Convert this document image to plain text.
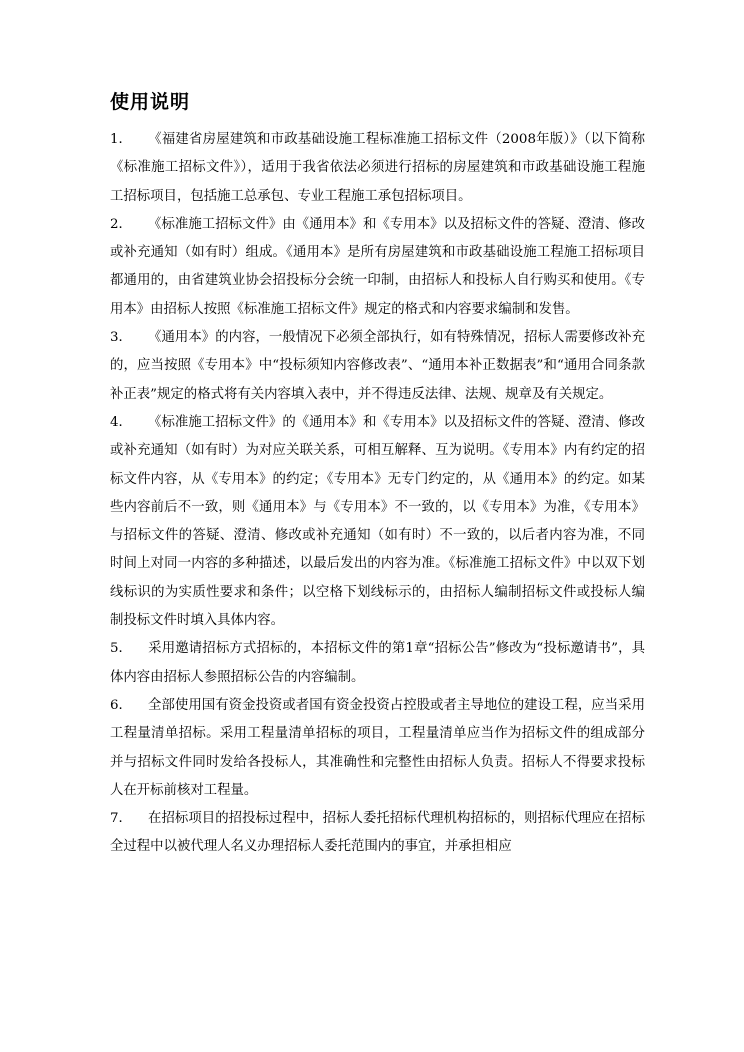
使用说明

1． 《福建省房屋建筑和市政基础设施工程标准施工招标文件（2008年版）》（以下简称《标准施工招标文件》），适用于我省依法必须进行招标的房屋建筑和市政基础设施工程施工招标项目，包括施工总承包、专业工程施工承包招标项目。

2． 《标准施工招标文件》由《通用本》和《专用本》以及招标文件的答疑、澄清、修改或补充通知（如有时）组成。《通用本》是所有房屋建筑和市政基础设施工程施工招标项目都通用的，由省建筑业协会招投标分会统一印制，由招标人和投标人自行购买和使用。《专用本》由招标人按照《标准施工招标文件》规定的格式和内容要求编制和发售。

3． 《通用本》的内容，一般情况下必须全部执行，如有特殊情况，招标人需要修改补充的，应当按照《专用本》中“投标须知内容修改表”、“通用本补正数据表”和“通用合同条款补正表”规定的格式将有关内容填入表中，并不得违反法律、法规、规章及有关规定。

4． 《标准施工招标文件》的《通用本》和《专用本》以及招标文件的答疑、澄清、修改或补充通知（如有时）为对应关联关系，可相互解释、互为说明。《专用本》内有约定的招标文件内容，从《专用本》的约定；《专用本》无专门约定的，从《通用本》的约定。如某些内容前后不一致，则《通用本》与《专用本》不一致的，以《专用本》为准，《专用本》与招标文件的答疑、澄清、修改或补充通知（如有时）不一致的，以后者内容为准，不同时间上对同一内容的多种描述，以最后发出的内容为准。《标准施工招标文件》中以双下划线标识的为实质性要求和条件；以空格下划线标示的，由招标人编制招标文件或投标人编制投标文件时填入具体内容。

5． 采用邀请招标方式招标的，本招标文件的第1章“招标公告”修改为“投标邀请书”，具体内容由招标人参照招标公告的内容编制。

6． 全部使用国有资金投资或者国有资金投资占控股或者主导地位的建设工程，应当采用工程量清单招标。采用工程量清单招标的项目，工程量清单应当作为招标文件的组成部分并与招标文件同时发给各投标人，其准确性和完整性由招标人负责。招标人不得要求投标人在开标前核对工程量。

7． 在招标项目的招投标过程中，招标人委托招标代理机构招标的，则招标代理应在招标全过程中以被代理人名义办理招标人委托范围内的事宜，并承担相应
